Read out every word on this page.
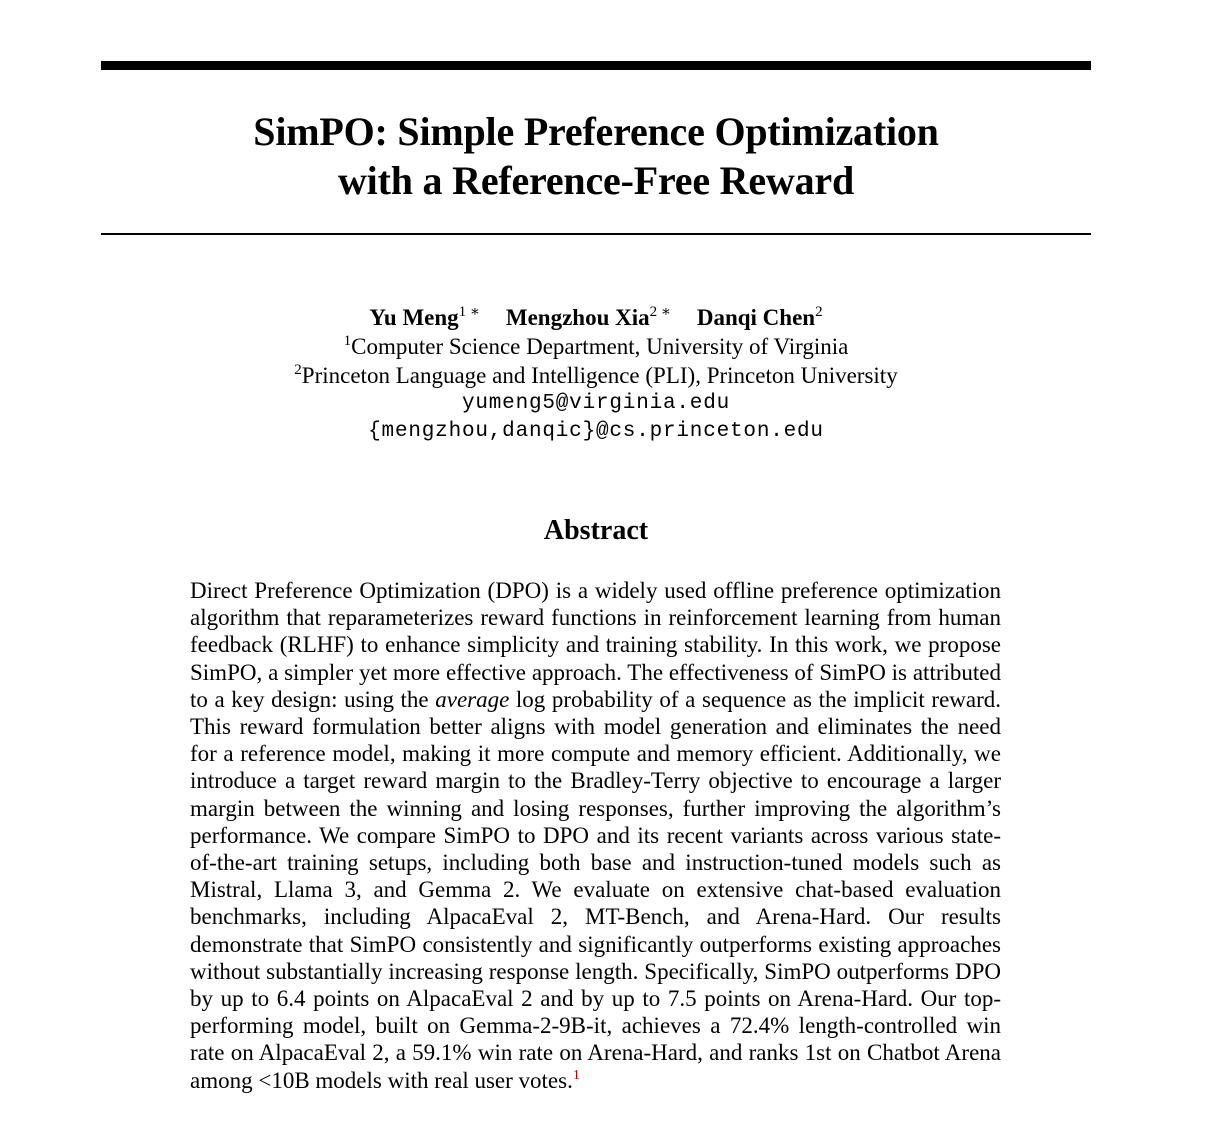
SimPO: Simple Preference Optimization
with a Reference-Free Reward
Yu Meng$^{1 ∗}$ Mengzhou Xia$^{2 ∗}$ Danqi Chen$^2$
$^1$Computer Science Department, University of Virginia
$^2$Princeton Language and Intelligence (PLI), Princeton University
yumeng5@virginia.edu
{mengzhou,danqic}@cs.princeton.edu
Abstract
Direct Preference Optimization (DPO) is a widely used offline preference optimization algorithm that reparameterizes reward functions in reinforcement learning from human feedback (RLHF) to enhance simplicity and training stability. In this work, we propose SimPO, a simpler yet more effective approach. The effectiveness of SimPO is attributed to a key design: using the average log probability of a sequence as the implicit reward. This reward formulation better aligns with model generation and eliminates the need for a reference model, making it more compute and memory efficient. Additionally, we introduce a target reward margin to the Bradley-Terry objective to encourage a larger margin between the winning and losing responses, further improving the algorithm’s performance. We compare SimPO to DPO and its recent variants across various state-of-the-art training setups, including both base and instruction-tuned models such as Mistral, Llama 3, and Gemma 2. We evaluate on extensive chat-based evaluation benchmarks, including AlpacaEval 2, MT-Bench, and Arena-Hard. Our results demonstrate that SimPO consistently and significantly outperforms existing approaches without substantially increasing response length. Specifically, SimPO outperforms DPO by up to 6.4 points on AlpacaEval 2 and by up to 7.5 points on Arena-Hard. Our top-performing model, built on Gemma-2-9B-it, achieves a 72.4% length-controlled win rate on AlpacaEval 2, a 59.1% win rate on Arena-Hard, and ranks 1st on Chatbot Arena among <10B models with real user votes.$^1$
